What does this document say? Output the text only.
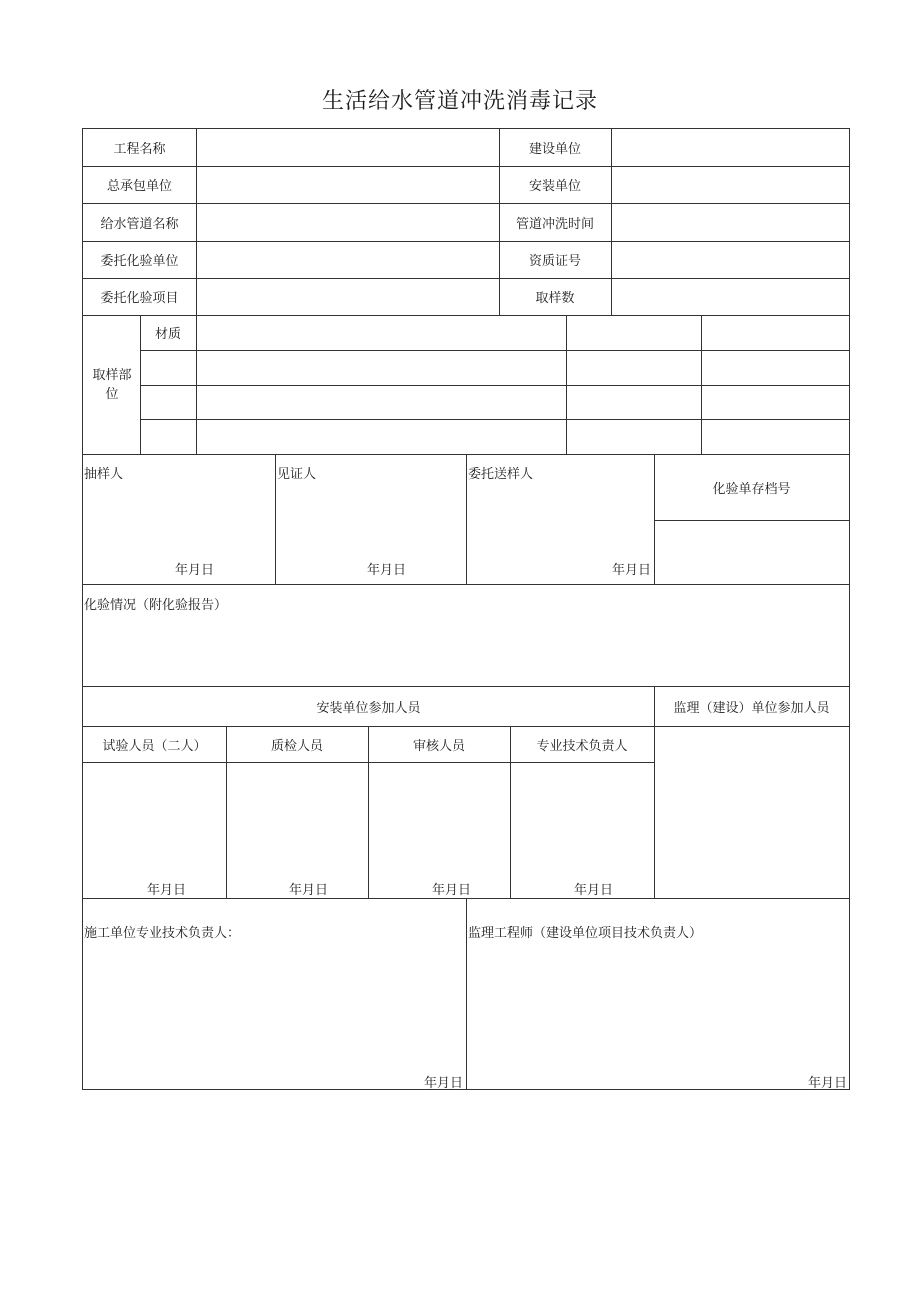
生活给水管道冲洗消毒记录
工程名称	建设单位
总承包单位	安装单位
给水管道名称	管道冲洗时间
委托化验单位	资质证号
委托化验项目	取样数
取样部位
材质
抽样人
年月日
见证人
年月日
委托送样人
年月日
化验单存档号
化验情况（附化验报告）
安装单位参加人员	监理（建设）单位参加人员
试验人员（二人）	质检人员	审核人员	专业技术负责人
年月日	年月日	年月日	年月日
施工单位专业技术负责人：
年月日
监理工程师（建设单位项目技术负责人）
年月日
